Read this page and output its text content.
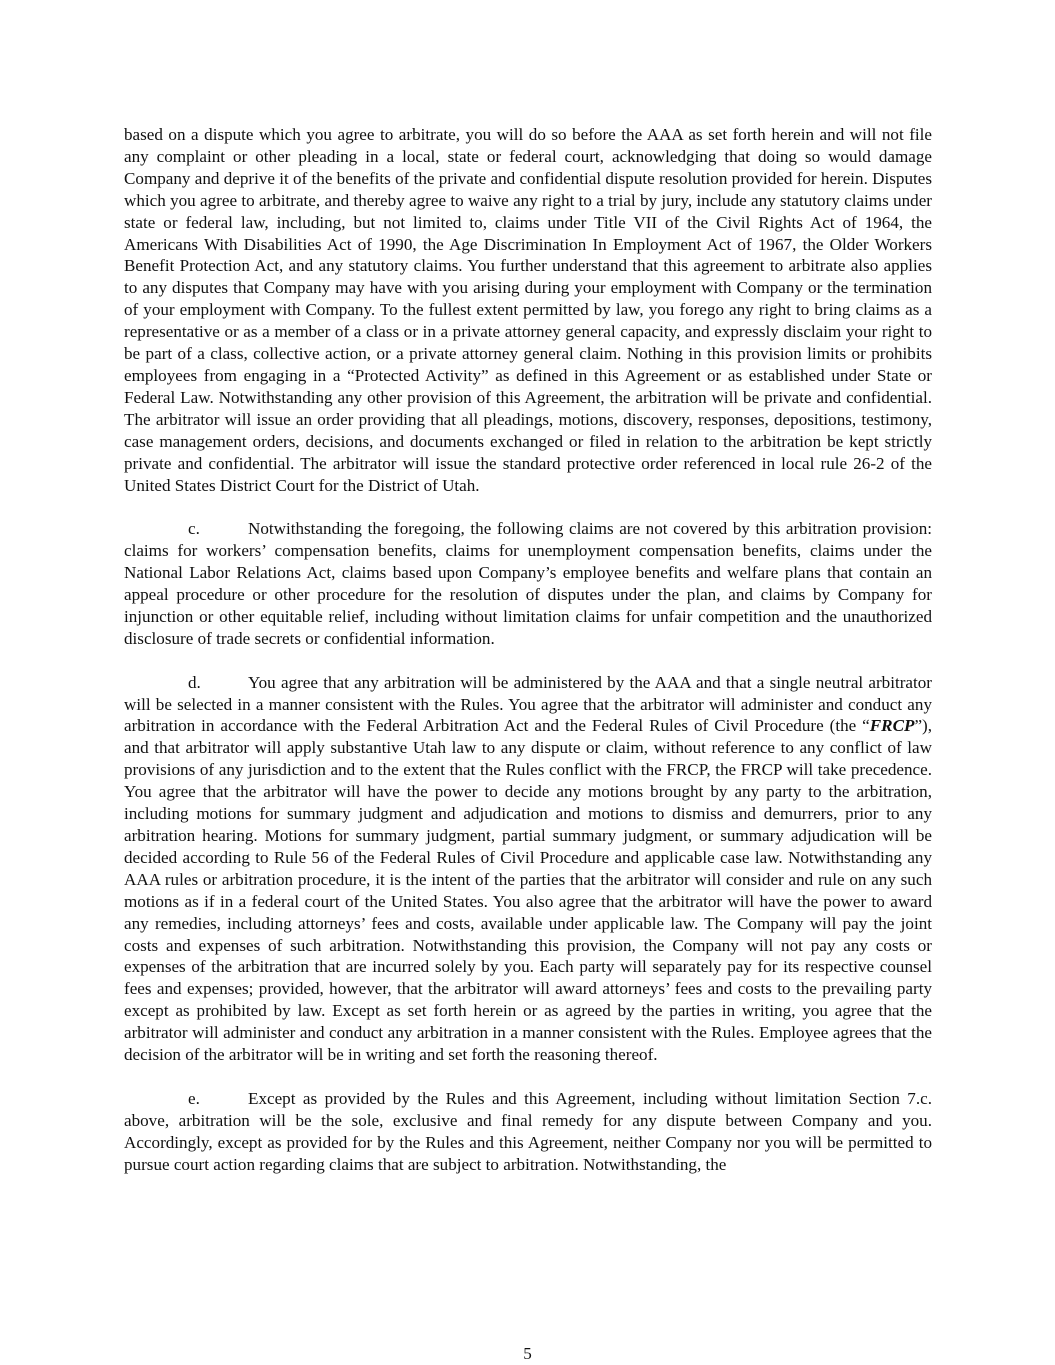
based on a dispute which you agree to arbitrate, you will do so before the AAA as set forth herein and will not file any complaint or other pleading in a local, state or federal court, acknowledging that doing so would damage Company and deprive it of the benefits of the private and confidential dispute resolution provided for herein. Disputes which you agree to arbitrate, and thereby agree to waive any right to a trial by jury, include any statutory claims under state or federal law, including, but not limited to, claims under Title VII of the Civil Rights Act of 1964, the Americans With Disabilities Act of 1990, the Age Discrimination In Employment Act of 1967, the Older Workers Benefit Protection Act, and any statutory claims. You further understand that this agreement to arbitrate also applies to any disputes that Company may have with you arising during your employment with Company or the termination of your employment with Company. To the fullest extent permitted by law, you forego any right to bring claims as a representative or as a member of a class or in a private attorney general capacity, and expressly disclaim your right to be part of a class, collective action, or a private attorney general claim. Nothing in this provision limits or prohibits employees from engaging in a “Protected Activity” as defined in this Agreement or as established under State or Federal Law. Notwithstanding any other provision of this Agreement, the arbitration will be private and confidential. The arbitrator will issue an order providing that all pleadings, motions, discovery, responses, depositions, testimony, case management orders, decisions, and documents exchanged or filed in relation to the arbitration be kept strictly private and confidential. The arbitrator will issue the standard protective order referenced in local rule 26-2 of the United States District Court for the District of Utah.

c.	Notwithstanding the foregoing, the following claims are not covered by this arbitration provision: claims for workers’ compensation benefits, claims for unemployment compensation benefits, claims under the National Labor Relations Act, claims based upon Company’s employee benefits and welfare plans that contain an appeal procedure or other procedure for the resolution of disputes under the plan, and claims by Company for injunction or other equitable relief, including without limitation claims for unfair competition and the unauthorized disclosure of trade secrets or confidential information.

d.	You agree that any arbitration will be administered by the AAA and that a single neutral arbitrator will be selected in a manner consistent with the Rules. You agree that the arbitrator will administer and conduct any arbitration in accordance with the Federal Arbitration Act and the Federal Rules of Civil Procedure (the “FRCP”), and that arbitrator will apply substantive Utah law to any dispute or claim, without reference to any conflict of law provisions of any jurisdiction and to the extent that the Rules conflict with the FRCP, the FRCP will take precedence. You agree that the arbitrator will have the power to decide any motions brought by any party to the arbitration, including motions for summary judgment and adjudication and motions to dismiss and demurrers, prior to any arbitration hearing. Motions for summary judgment, partial summary judgment, or summary adjudication will be decided according to Rule 56 of the Federal Rules of Civil Procedure and applicable case law. Notwithstanding any AAA rules or arbitration procedure, it is the intent of the parties that the arbitrator will consider and rule on any such motions as if in a federal court of the United States. You also agree that the arbitrator will have the power to award any remedies, including attorneys’ fees and costs, available under applicable law. The Company will pay the joint costs and expenses of such arbitration. Notwithstanding this provision, the Company will not pay any costs or expenses of the arbitration that are incurred solely by you. Each party will separately pay for its respective counsel fees and expenses; provided, however, that the arbitrator will award attorneys’ fees and costs to the prevailing party except as prohibited by law. Except as set forth herein or as agreed by the parties in writing, you agree that the arbitrator will administer and conduct any arbitration in a manner consistent with the Rules. Employee agrees that the decision of the arbitrator will be in writing and set forth the reasoning thereof.

e.	Except as provided by the Rules and this Agreement, including without limitation Section 7.c. above, arbitration will be the sole, exclusive and final remedy for any dispute between Company and you. Accordingly, except as provided for by the Rules and this Agreement, neither Company nor you will be permitted to pursue court action regarding claims that are subject to arbitration. Notwithstanding, the

5
